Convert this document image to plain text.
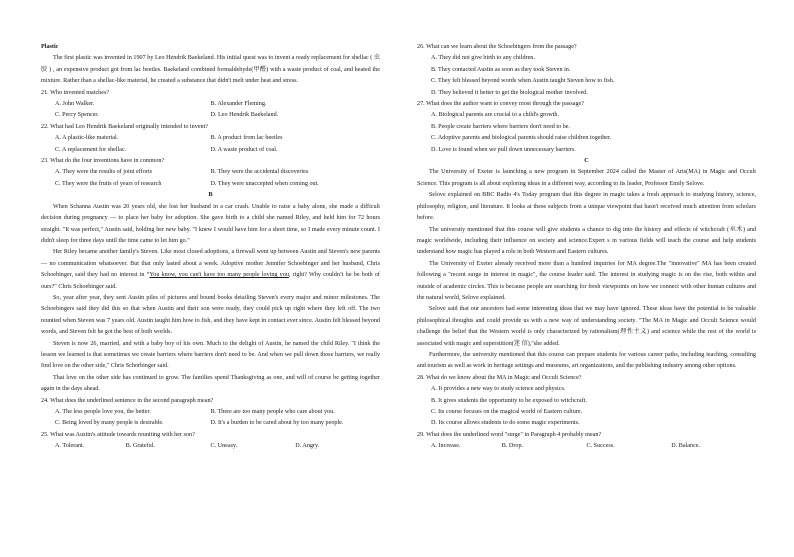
Plastic

The first plastic was invented in 1907 by Leo Hendrik Baekeland. His initial quest was to invent a ready replacement for shellac ( 虫 胶 ) , an expensive product got from lac beetles. Baekeland combined formaldehyde(甲醛) with a waste product of coal, and heated the mixture. Rather than a shellac-like material, he created a substance that didn't melt under heat and stress.

21. Who invented matches?
A. John Walker.	B. Alexander Fleming.
C. Percy Spencer.	D. Leo Hendrik Baekeland.
22. What had Leo Hendrik Baekeland originally intended to invent?
A. A plastic-like material.	B. A product from lac beetles
C. A replacement for shellac.	D. A waste product of coal.
23. What do the four inventions have in common?
A. They were the results of joint efforts	B. They were the accidental discoveries
C. They were the fruits of years of research	D. They were unaccepted when coming out.
B

When Schanna Austin was 20 years old, she lost her husband in a car crash. Unable to raise a baby alone, she made a difficult decision during pregnancy — to place her baby for adoption. She gave birth to a child she named Riley, and held him for 72 hours straight. "It was perfect," Austin said, holding her new baby. "I knew I would have him for a short time, so I made every minute count. I didn't sleep for three days until the time came to let him go."

Her Riley became another family's Steven. Like most closed adoptions, a firewall went up between Austin and Steven's new parents — no communication whatsoever. But that only lasted about a week. Adoptive mother Jennifer Schoebinger and her husband, Chris Schoebinger, said they had no interest in “You know, you can't have too many people loving you, right? Why couldn’t he be both of ours?" Chris Schoebinger said.

So, year after year, they sent Austin piles of pictures and bound books detailing Steven's every major and minor milestones. The Schoebingers said they did this so that when Austin and their son were ready, they could pick up right where they left off. The two reunited when Steven was 7 years old. Austin taught him how to fish, and they have kept in contact ever since. Austin felt blessed beyond words, and Steven felt he got the best of both worlds.

Steven is now 26, married, and with a baby boy of his own. Much to the delight of Austin, he named the child Riley. "I think the lesson we learned is that sometimes we create barriers where barriers don't need to be. And when we pull down those barriers, we really find love on the other side," Chris Schorbinger said.

That love on the other side has continued to grow. The families spend Thanksgiving as one, and will of course be getting together again in the days ahead.

24. What does the underlined sentence in the second paragraph mean?
A. The less people love you, the better.	B. There are too many people who care about you.
C. Being loved by many people is desirable.	D. It's a burden to be cared about by too many people.
25. What was Austin's attitude towards reuniting with her son?
A. Tolerant.	B. Grateful.	C. Uneasy.	D. Angry.
26. What can we learn about the Schoebingers from the passage?
A. They did not give birth to any children.
B. They contacted Austin as soon as they took Steven in.
C. They felt blessed beyond words when Austin taught Steven how to fish.
D. They believed it better to get the biological mother involved.
27. What does the author want to convey most through the passage?
A. Biological parents are crucial to a child's growth.
B. People create barriers where barriers don't need to be.
C. Adoptive parents and biological parents should raise children together.
D. Love is found when we pull down unnecessary barriers.
C

The University of Exeter is launching a new program in September 2024 called the Master of Arts(MA) in Magic and Occult Science. This program is all about exploring ideas in a different way, according to its leader, Professor Emily Selove.

Selove explained on BBC Radio 4's Today program that this degree in magic takes a fresh approach to studying history, science, philosophy, religion, and literature. It looks at these subjects from a unique viewpoint that hasn't received much attention from scholars before.

The university mentioned that this course will give students a chance to dig into the history and effects of witchcraft (巫术) and magic worldwide, including their influence on society and science.Expert s in various fields will teach the course and help students understand how magic has played a role in both Western and Eastern cultures.

The University of Exeter already received more than a hundred inquiries for MA degree.The "innovative" MA has been created following a "recent surge in interest in magic", the course leader said. The interest in studying magic is on the rise, both within and outside of academic circles. This is because people are searching for fresh viewpoints on how we connect with other human cultures and the natural world, Selove explained.

Selove said that our ancestors had some interesting ideas that we may have ignored. These ideas have the potential to be valuable philosophical thoughts and could provide us with a new way of understanding society. "The MA in Magic and Occult Science would challenge the belief that the Western world is only characterized by rationalism(理性主义) and science while the rest of the world is associated with magic and superstition(迷 信),"she added.

Furthermore, the university mentioned that this course can prepare students for various career paths, including teaching, consulting and tourism as well as work in heritage settings and museums, art organizations, and the publishing industry among other options.

28. What do we know about the MA in Magic and Occult Science?
A. It provides a new way to study science and physics.
B. It gives students the opportunity to be exposed to witchcraft.
C. Its course focuses on the magical world of Eastern culture.
D. Its course allows students to do some magic experiments.
29. What does the underlined word "surge" in Paragraph 4 probably mean?
A. Increase.	B. Drop.	C. Success.	D. Balance.
